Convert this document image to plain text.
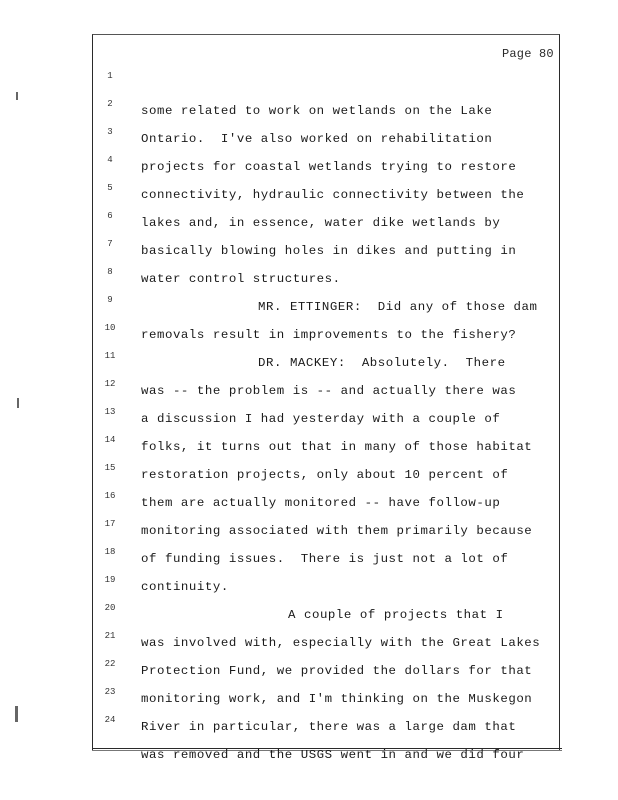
Page 80

1

some related to work on wetlands on the Lake

2

Ontario.  I've also worked on rehabilitation

3

projects for coastal wetlands trying to restore

4

connectivity, hydraulic connectivity between the

5

lakes and, in essence, water dike wetlands by

6

basically blowing holes in dikes and putting in

7

water control structures.

8

MR. ETTINGER:  Did any of those dam

9

removals result in improvements to the fishery?

10

DR. MACKEY:  Absolutely.  There

11

was -- the problem is -- and actually there was

12

a discussion I had yesterday with a couple of

13

folks, it turns out that in many of those habitat

14

restoration projects, only about 10 percent of

15

them are actually monitored -- have follow-up

16

monitoring associated with them primarily because

17

of funding issues.  There is just not a lot of

18

continuity.

19

A couple of projects that I

20

was involved with, especially with the Great Lakes

21

Protection Fund, we provided the dollars for that

22

monitoring work, and I'm thinking on the Muskegon

23

River in particular, there was a large dam that

24

was removed and the USGS went in and we did four
